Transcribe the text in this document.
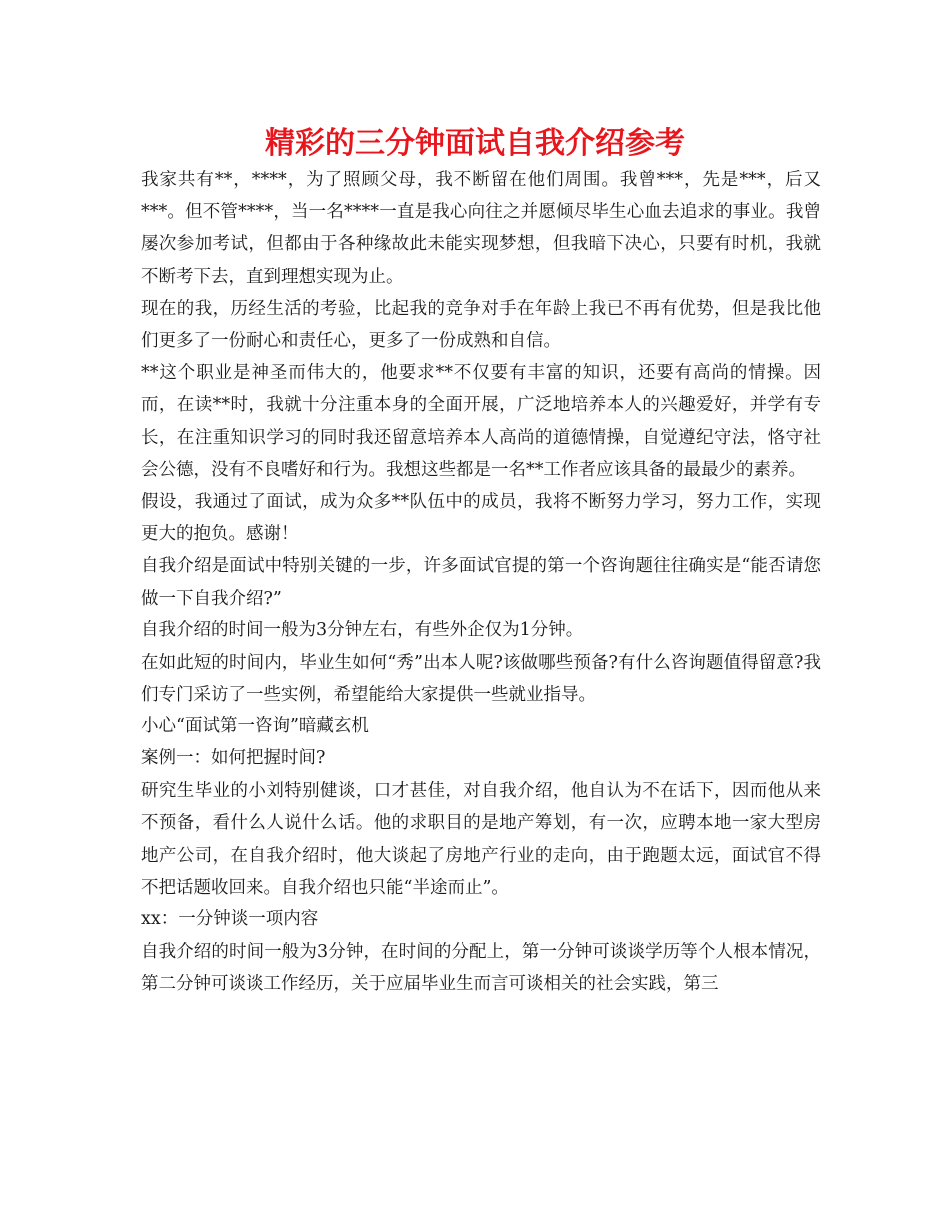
精彩的三分钟面试自我介绍参考

我家共有**，****，为了照顾父母，我不断留在他们周围。我曾***，先是***，后又***。但不管****，当一名****一直是我心向往之并愿倾尽毕生心血去追求的事业。我曾屡次参加考试，但都由于各种缘故此未能实现梦想，但我暗下决心，只要有时机，我就不断考下去，直到理想实现为止。

现在的我，历经生活的考验，比起我的竞争对手在年龄上我已不再有优势，但是我比他们更多了一份耐心和责任心，更多了一份成熟和自信。

**这个职业是神圣而伟大的，他要求**不仅要有丰富的知识，还要有高尚的情操。因而，在读**时，我就十分注重本身的全面开展，广泛地培养本人的兴趣爱好，并学有专长，在注重知识学习的同时我还留意培养本人高尚的道德情操，自觉遵纪守法，恪守社会公德，没有不良嗜好和行为。我想这些都是一名**工作者应该具备的最最少的素养。

假设，我通过了面试，成为众多**队伍中的成员，我将不断努力学习，努力工作，实现更大的抱负。感谢！

自我介绍是面试中特别关键的一步，许多面试官提的第一个咨询题往往确实是“能否请您做一下自我介绍?”

自我介绍的时间一般为3分钟左右，有些外企仅为1分钟。

在如此短的时间内，毕业生如何“秀”出本人呢?该做哪些预备?有什么咨询题值得留意?我们专门采访了一些实例，希望能给大家提供一些就业指导。

小心“面试第一咨询”暗藏玄机

案例一：如何把握时间?

研究生毕业的小刘特别健谈，口才甚佳，对自我介绍，他自认为不在话下，因而他从来不预备，看什么人说什么话。他的求职目的是地产筹划，有一次，应聘本地一家大型房地产公司，在自我介绍时，他大谈起了房地产行业的走向，由于跑题太远，面试官不得不把话题收回来。自我介绍也只能“半途而止”。

xx：一分钟谈一项内容

自我介绍的时间一般为3分钟，在时间的分配上，第一分钟可谈谈学历等个人根本情况，第二分钟可谈谈工作经历，关于应届毕业生而言可谈相关的社会实践，第三
